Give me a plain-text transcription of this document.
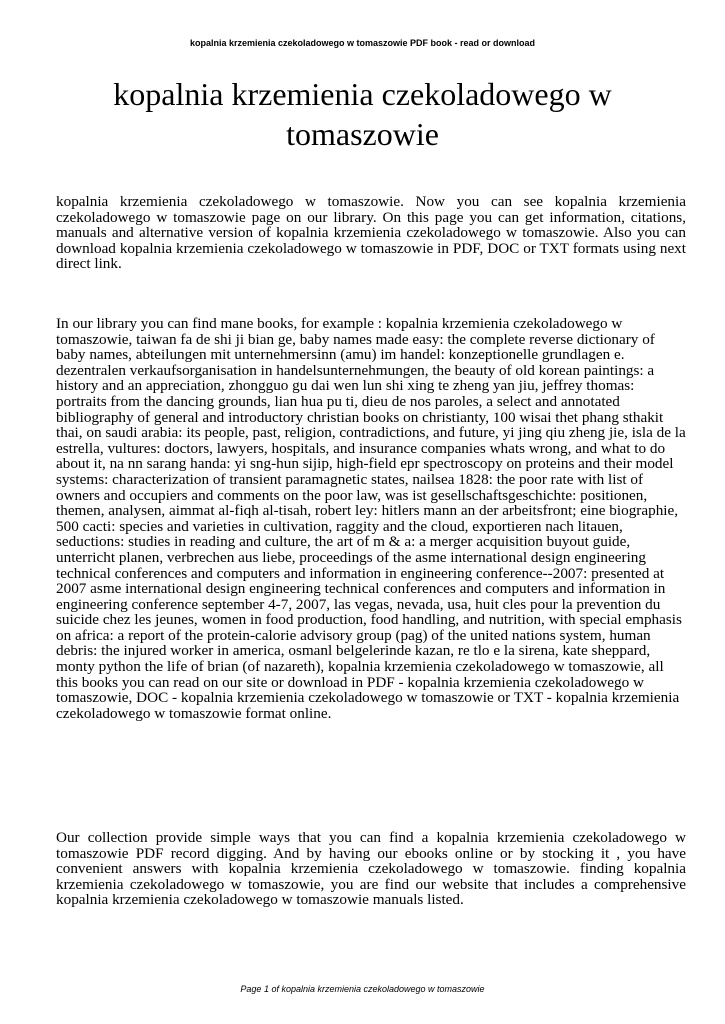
kopalnia krzemienia czekoladowego w tomaszowie PDF book - read or download
kopalnia krzemienia czekoladowego w tomaszowie

kopalnia krzemienia czekoladowego w tomaszowie. Now you can see kopalnia krzemienia czekoladowego w tomaszowie page on our library. On this page you can get information, citations, manuals and alternative version of kopalnia krzemienia czekoladowego w tomaszowie. Also you can download kopalnia krzemienia czekoladowego w tomaszowie in PDF, DOC or TXT formats using next direct link.

In our library you can find mane books, for example : kopalnia krzemienia czekoladowego w tomaszowie, taiwan fa de shi ji bian ge, baby names made easy: the complete reverse dictionary of baby names, abteilungen mit unternehmersinn (amu) im handel: konzeptionelle grundlagen e. dezentralen verkaufsorganisation in handelsunternehmungen, the beauty of old korean paintings: a history and an appreciation, zhongguo gu dai wen lun shi xing te zheng yan jiu, jeffrey thomas: portraits from the dancing grounds, lian hua pu ti, dieu de nos paroles, a select and annotated bibliography of general and introductory christian books on christianty, 100 wisai thet phang sthakit thai, on saudi arabia: its people, past, religion, contradictions, and future, yi jing qiu zheng jie, isla de la estrella, vultures: doctors, lawyers, hospitals, and insurance companies whats wrong, and what to do about it, na nn sarang handa: yi sng-hun sijip, high-field epr spectroscopy on proteins and their model systems: characterization of transient paramagnetic states, nailsea 1828: the poor rate with list of owners and occupiers and comments on the poor law, was ist gesellschaftsgeschichte: positionen, themen, analysen, aimmat al-fiqh al-tisah, robert ley: hitlers mann an der arbeitsfront; eine biographie, 500 cacti: species and varieties in cultivation, raggity and the cloud, exportieren nach litauen, seductions: studies in reading and culture, the art of m & a: a merger acquisition buyout guide, unterricht planen, verbrechen aus liebe, proceedings of the asme international design engineering technical conferences and computers and information in engineering conference--2007: presented at 2007 asme international design engineering technical conferences and computers and information in engineering conference september 4-7, 2007, las vegas, nevada, usa, huit cles pour la prevention du suicide chez les jeunes, women in food production, food handling, and nutrition, with special emphasis on africa: a report of the protein-calorie advisory group (pag) of the united nations system, human debris: the injured worker in america, osmanl belgelerinde kazan, re tlo e la sirena, kate sheppard, monty python the life of brian (of nazareth), kopalnia krzemienia czekoladowego w tomaszowie, all this books you can read on our site or download in PDF - kopalnia krzemienia czekoladowego w tomaszowie, DOC - kopalnia krzemienia czekoladowego w tomaszowie or TXT - kopalnia krzemienia czekoladowego w tomaszowie format online.

Our collection provide simple ways that you can find a kopalnia krzemienia czekoladowego w tomaszowie PDF record digging. And by having our ebooks online or by stocking it , you have convenient answers with kopalnia krzemienia czekoladowego w tomaszowie. finding kopalnia krzemienia czekoladowego w tomaszowie, you are find our website that includes a comprehensive kopalnia krzemienia czekoladowego w tomaszowie manuals listed.

Page 1 of kopalnia krzemienia czekoladowego w tomaszowie
